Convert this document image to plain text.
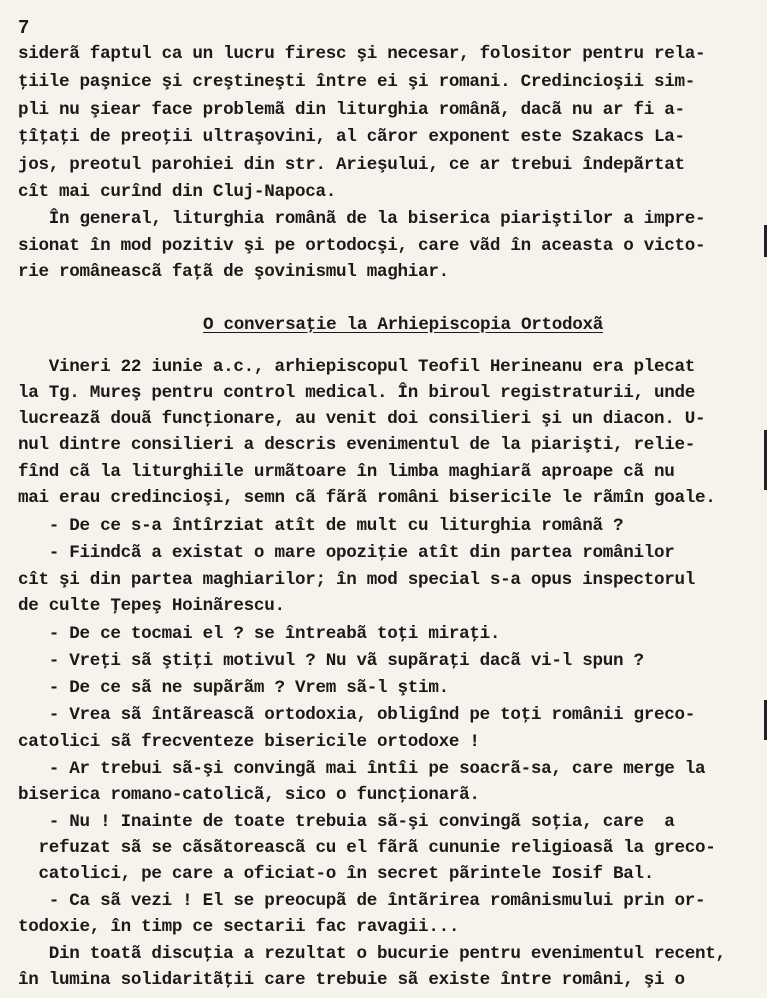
7
siderã faptul ca un lucru firesc şi necesar, folositor pentru rela-
ţiile paşnice şi creştineşti între ei şi romani. Credincioşii sim-
pli nu şiear face problemã din liturghia românã, dacã nu ar fi a-
ţîţaţi de preoţii ultraşovini, al cãror exponent este Szakacs La-
jos, preotul parohiei din str. Arieşului, ce ar trebui îndepãrtat
cît mai curînd din Cluj-Napoca.
În general, liturghia românã de la biserica piariştilor a impre-
sionat în mod pozitiv şi pe ortodocşi, care vãd în aceasta o victo-
rie româneascã faţã de şovinismul maghiar.
O conversaţie la Arhiepiscopia Ortodoxã
Vineri 22 iunie a.c., arhiepiscopul Teofil Herineanu era plecat
la Tg. Mureş pentru control medical. În biroul registraturii, unde
lucreazã douã funcţionare, au venit doi consilieri şi un diacon. U-
nul dintre consilieri a descris evenimentul de la piarişti, relie-
fînd cã la liturghiile urmãtoare în limba maghiarã aproape cã nu
mai erau credincioşi, semn cã fãrã români bisericile le rãmîn goale.
- De ce s-a întîrziat atît de mult cu liturghia românã ?
- Fiindcã a existat o mare opoziţie atît din partea românilor
cît şi din partea maghiarilor; în mod special s-a opus inspectorul
de culte Ţepeş Hoinãrescu.
- De ce tocmai el ? se întreabã toţi miraţi.
- Vreţi sã ştiţi motivul ? Nu vã supãraţi dacã vi-l spun ?
- De ce sã ne supãrãm ? Vrem sã-l ştim.
- Vrea sã întãreascã ortodoxia, obligînd pe toţi românii greco-
catolici sã frecventeze bisericile ortodoxe !
- Ar trebui sã-şi convingã mai întîi pe soacrã-sa, care merge la
biserica romano-catolicã, sico o funcţionarã.
- Nu ! Inainte de toate trebuia sã-şi convingã soţia, care  a
refuzat sã se cãsãtoreascã cu el fãrã cununie religioasã la greco-
catolici, pe care a oficiat-o în secret pãrintele Iosif Bal.
- Ca sã vezi ! El se preocupã de întãrirea românismului prin or-
todoxie, în timp ce sectarii fac ravagii...
Din toatã discuţia a rezultat o bucurie pentru evenimentul recent,
în lumina solidaritãţii care trebuie sã existe între români, şi o
